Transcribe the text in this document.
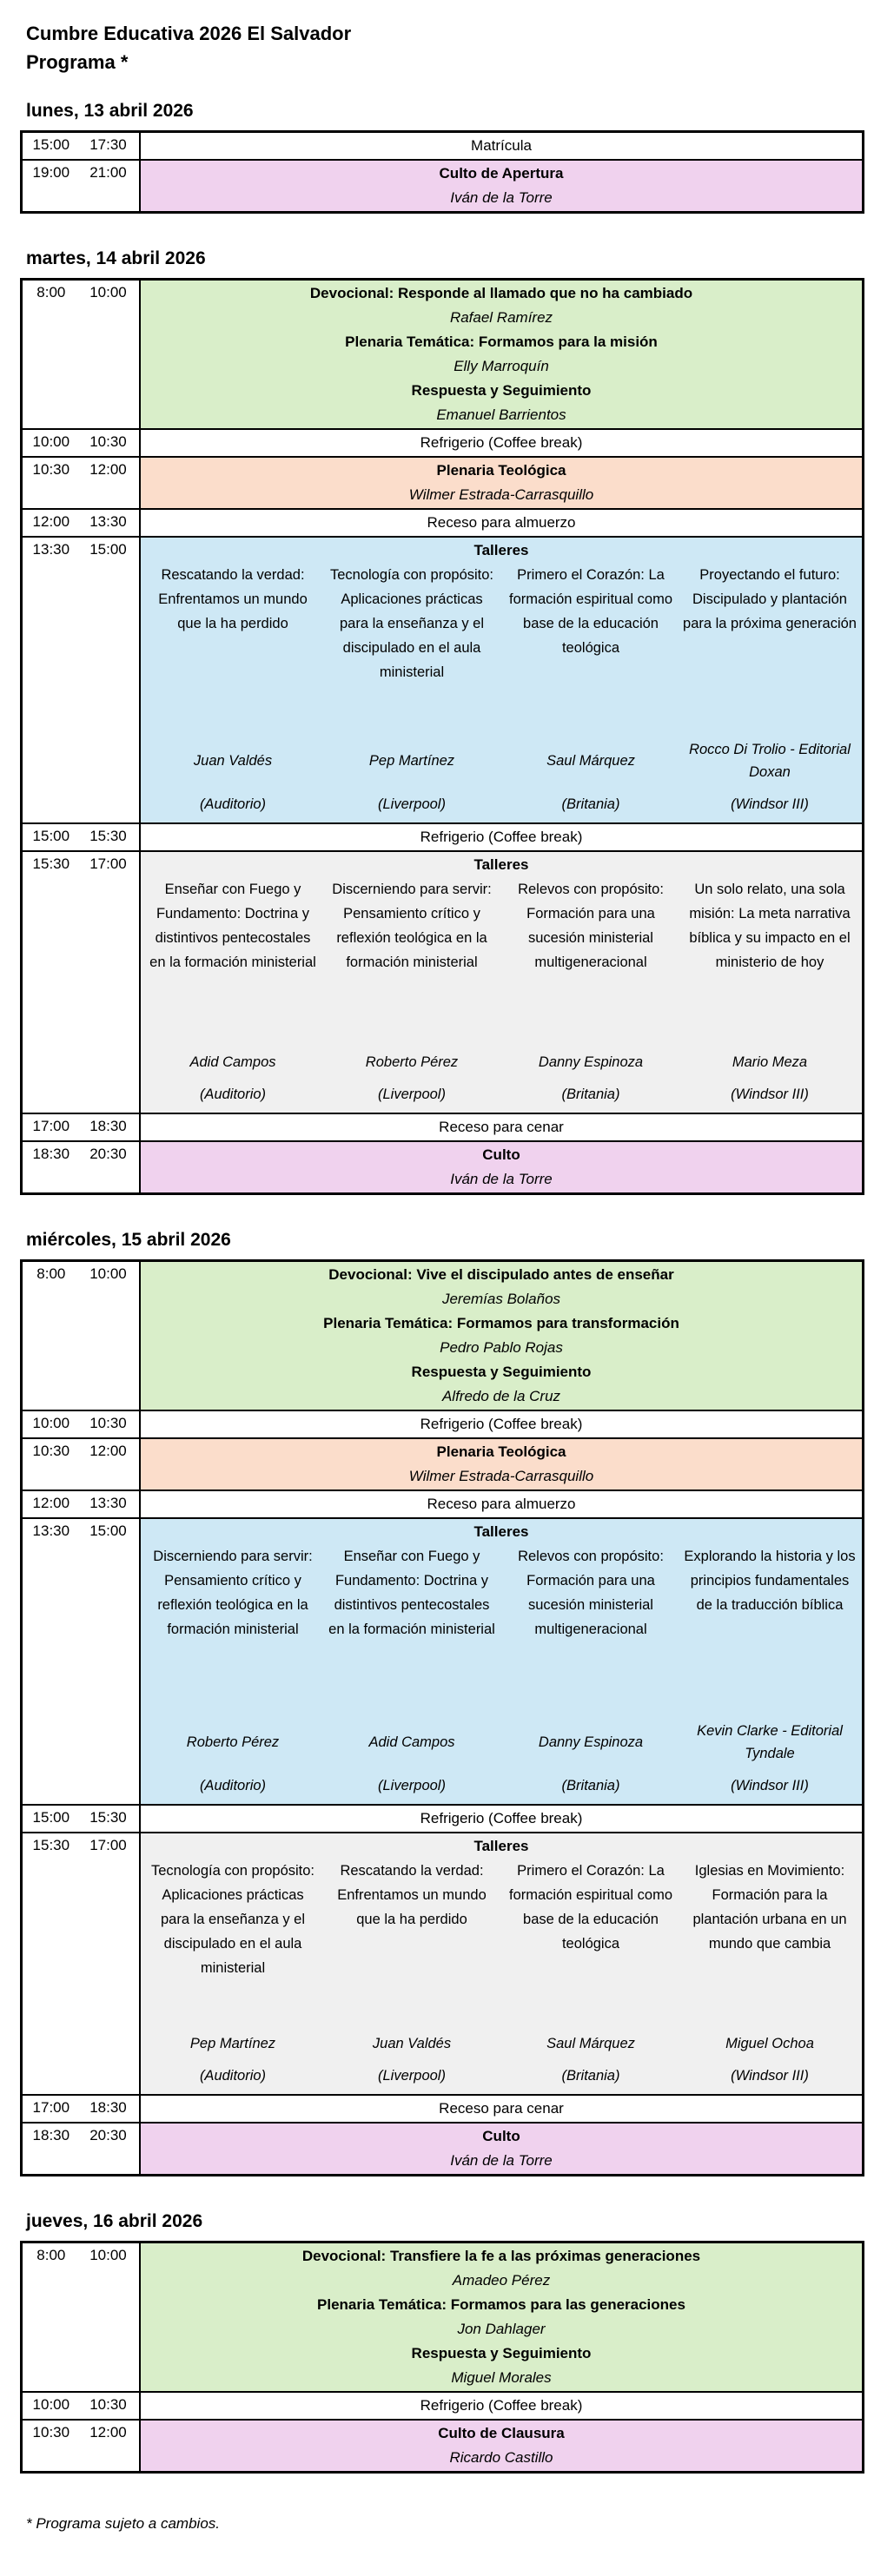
Cumbre Educativa 2026 El Salvador
Programa *
lunes, 13 abril 2026
15:00 17:30	Matrícula

19:00 21:00	Culto de Apertura
Iván de la Torre
martes, 14 abril 2026
8:00 10:00	Devocional: Responde al llamado que no ha cambiado
Rafael Ramírez
Plenaria Temática: Formamos para la misión
Elly Marroquín
Respuesta y Seguimiento
Emanuel Barrientos

10:00 10:30	Refrigerio (Coffee break)

10:30 12:00	Plenaria Teológica
Wilmer Estrada-Carrasquillo

12:00 13:30	Receso para almuerzo

13:30 15:00	Talleres
Rescatando la verdad: Enfrentamos un mundo que la ha perdido
Juan Valdés
(Auditorio)
Tecnología con propósito: Aplicaciones prácticas para la enseñanza y el discipulado en el aula ministerial
Pep Martínez
(Liverpool)
Primero el Corazón: La formación espiritual como base de la educación teológica
Saul Márquez
(Britania)
Proyectando el futuro: Discipulado y plantación para la próxima generación
Rocco Di Trolio - Editorial Doxan
(Windsor III)

15:00 15:30	Refrigerio (Coffee break)

15:30 17:00	Talleres
Enseñar con Fuego y Fundamento: Doctrina y distintivos pentecostales en la formación ministerial
Adid Campos
(Auditorio)
Discerniendo para servir: Pensamiento crítico y reflexión teológica en la formación ministerial
Roberto Pérez
(Liverpool)
Relevos con propósito: Formación para una sucesión ministerial multigeneracional
Danny Espinoza
(Britania)
Un solo relato, una sola misión: La meta narrativa bíblica y su impacto en el ministerio de hoy
Mario Meza
(Windsor III)

17:00 18:30	Receso para cenar

18:30 20:30	Culto
Iván de la Torre
miércoles, 15 abril 2026
8:00 10:00	Devocional: Vive el discipulado antes de enseñar
Jeremías Bolaños
Plenaria Temática: Formamos para transformación
Pedro Pablo Rojas
Respuesta y Seguimiento
Alfredo de la Cruz

10:00 10:30	Refrigerio (Coffee break)

10:30 12:00	Plenaria Teológica
Wilmer Estrada-Carrasquillo

12:00 13:30	Receso para almuerzo

13:30 15:00	Talleres
Discerniendo para servir: Pensamiento crítico y reflexión teológica en la formación ministerial
Roberto Pérez
(Auditorio)
Enseñar con Fuego y Fundamento: Doctrina y distintivos pentecostales en la formación ministerial
Adid Campos
(Liverpool)
Relevos con propósito: Formación para una sucesión ministerial multigeneracional
Danny Espinoza
(Britania)
Explorando la historia y los principios fundamentales de la traducción bíblica
Kevin Clarke - Editorial Tyndale
(Windsor III)

15:00 15:30	Refrigerio (Coffee break)

15:30 17:00	Talleres
Tecnología con propósito: Aplicaciones prácticas para la enseñanza y el discipulado en el aula ministerial
Pep Martínez
(Auditorio)
Rescatando la verdad: Enfrentamos un mundo que la ha perdido
Juan Valdés
(Liverpool)
Primero el Corazón: La formación espiritual como base de la educación teológica
Saul Márquez
(Britania)
Iglesias en Movimiento: Formación para la plantación urbana en un mundo que cambia
Miguel Ochoa
(Windsor III)

17:00 18:30	Receso para cenar

18:30 20:30	Culto
Iván de la Torre
jueves, 16 abril 2026
8:00 10:00	Devocional: Transfiere la fe a las próximas generaciones
Amadeo Pérez
Plenaria Temática: Formamos para las generaciones
Jon Dahlager
Respuesta y Seguimiento
Miguel Morales

10:00 10:30	Refrigerio (Coffee break)

10:30 12:00	Culto de Clausura
Ricardo Castillo
* Programa sujeto a cambios.
